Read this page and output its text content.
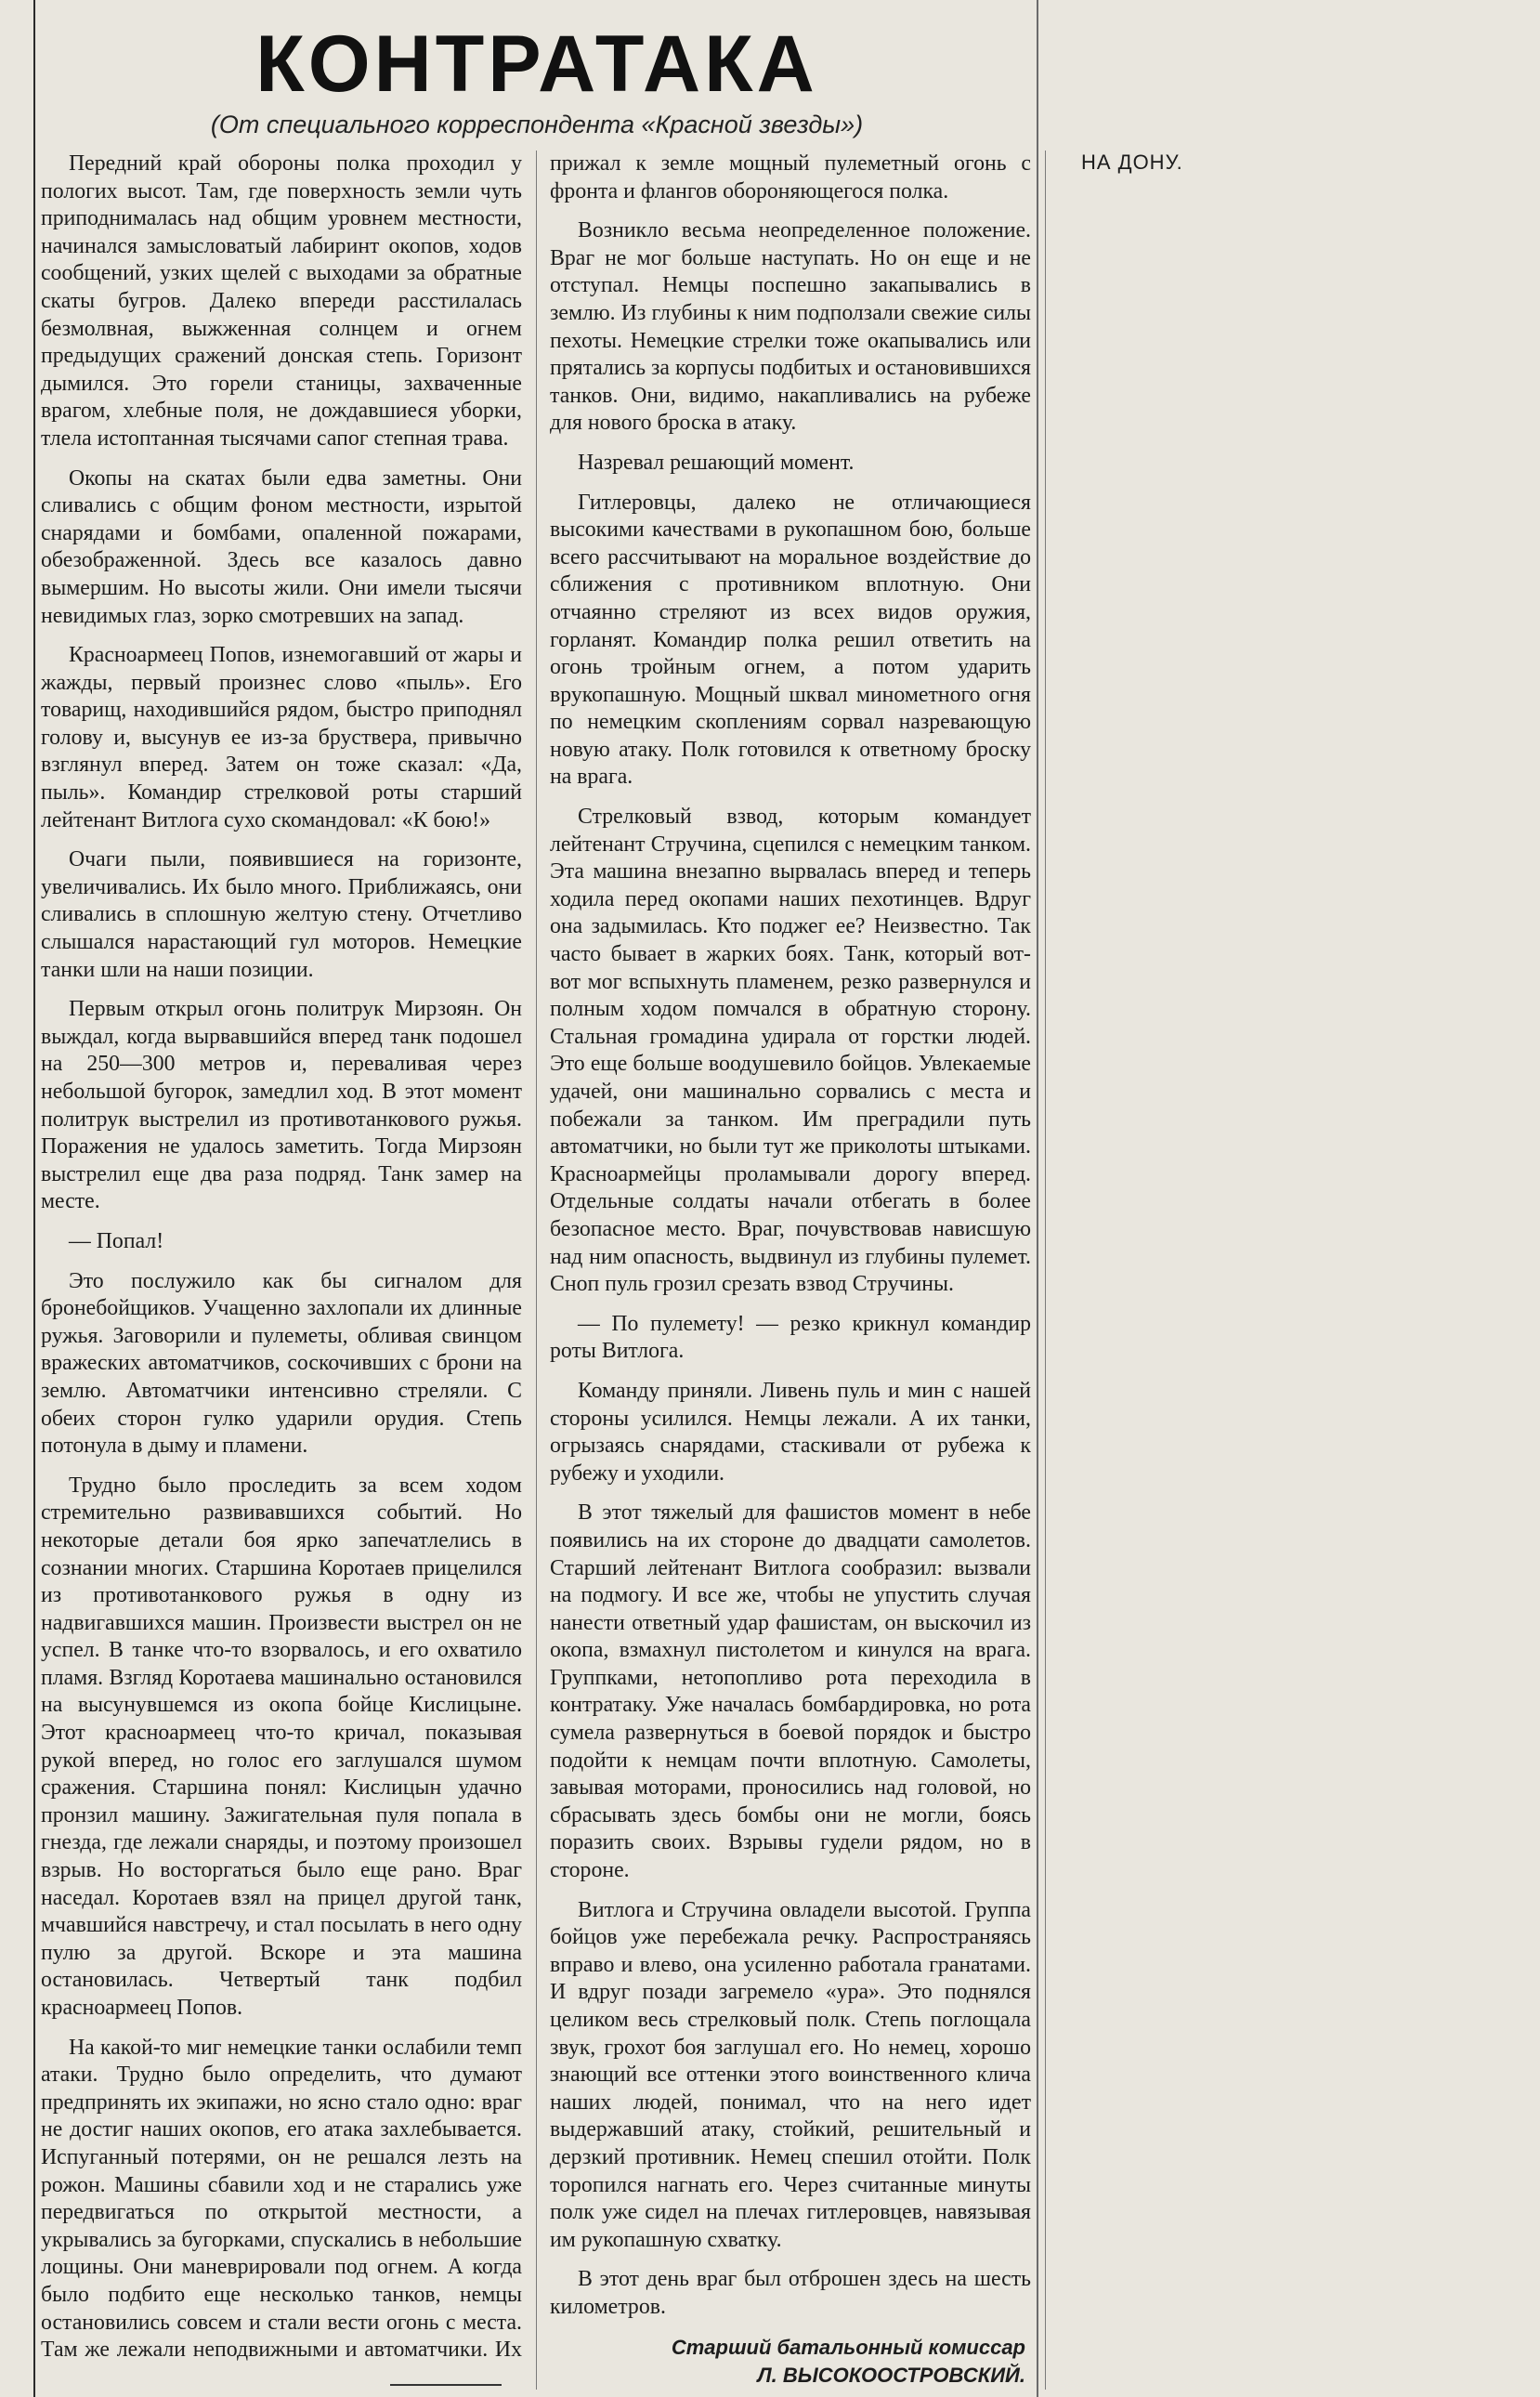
КОНТРАТАКА

(От специального корреспондента «Красной звезды»)

Передний край обороны полка проходил у пологих высот. Там, где поверхность земли чуть приподнималась над общим уровнем местности, начинался замысловатый лабиринт окопов, ходов сообщений, узких щелей с выходами за обратные скаты бугров. Далеко впереди расстилалась безмолвная, выжженная солнцем и огнем предыдущих сражений донская степь. Горизонт дымился. Это горели станицы, захваченные врагом, хлебные поля, не дождавшиеся уборки, тлела истоптанная тысячами сапог степная трава.

Окопы на скатах были едва заметны. Они сливались с общим фоном местности, изрытой снарядами и бомбами, опаленной пожарами, обезображенной. Здесь все казалось давно вымершим. Но высоты жили. Они имели тысячи невидимых глаз, зорко смотревших на запад.

Красноармеец Попов, изнемогавший от жары и жажды, первый произнес слово «пыль». Его товарищ, находившийся рядом, быстро приподнял голову и, высунув ее из-за бруствера, привычно взглянул вперед. Затем он тоже сказал: «Да, пыль». Командир стрелковой роты старший лейтенант Витлога сухо скомандовал: «К бою!»

Очаги пыли, появившиеся на горизонте, увеличивались. Их было много. Приближаясь, они сливались в сплошную желтую стену. Отчетливо слышался нарастающий гул моторов. Немецкие танки шли на наши позиции.

Первым открыл огонь политрук Мирзоян. Он выждал, когда вырвавшийся вперед танк подошел на 250—300 метров и, переваливая через небольшой бугорок, замедлил ход. В этот момент политрук выстрелил из противотанкового ружья. Поражения не удалось заметить. Тогда Мирзоян выстрелил еще два раза подряд. Танк замер на месте.

— Попал!

Это послужило как бы сигналом для бронебойщиков. Учащенно захлопали их длинные ружья. Заговорили и пулеметы, обливая свинцом вражеских автоматчиков, соскочивших с брони на землю. Автоматчики интенсивно стреляли. С обеих сторон гулко ударили орудия. Степь потонула в дыму и пламени.

Трудно было проследить за всем ходом стремительно развивавшихся событий. Но некоторые детали боя ярко запечатлелись в сознании многих. Старшина Коротаев прицелился из противотанкового ружья в одну из надвигавшихся машин. Произвести выстрел он не успел. В танке что-то взорвалось, и его охватило пламя. Взгляд Коротаева машинально остановился на высунувшемся из окопа бойце Кислицыне. Этот красноармеец что-то кричал, показывая рукой вперед, но голос его заглушался шумом сражения. Старшина понял: Кислицын удачно пронзил машину. Зажигательная пуля попала в гнезда, где лежали снаряды, и поэтому произошел взрыв. Но восторгаться было еще рано. Враг наседал. Коротаев взял на прицел другой танк, мчавшийся навстречу, и стал посылать в него одну пулю за другой. Вскоре и эта машина остановилась. Четвертый танк подбил красноармеец Попов.

На какой-то миг немецкие танки ослабили темп атаки. Трудно было определить, что думают предпринять их экипажи, но ясно стало одно: враг не достиг наших окопов, его атака захлебывается. Испуганный потерями, он не решался лезть на рожон. Машины сбавили ход и не старались уже передвигаться по открытой местности, а укрывались за бугорками, спускались в небольшие лощины. Они маневрировали под огнем. А когда было подбито еще несколько танков, немцы остановились совсем и стали вести огонь с места. Там же лежали неподвижными и автоматчики. Их прижал к земле мощный пулеметный огонь с фронта и флангов обороняющегося полка.

Возникло весьма неопределенное положение. Враг не мог больше наступать. Но он еще и не отступал. Немцы поспешно закапывались в землю. Из глубины к ним подползали свежие силы пехоты. Немецкие стрелки тоже окапывались или прятались за корпусы подбитых и остановившихся танков. Они, видимо, накапливались на рубеже для нового броска в атаку.

Назревал решающий момент.

Гитлеровцы, далеко не отличающиеся высокими качествами в рукопашном бою, больше всего рассчитывают на моральное воздействие до сближения с противником вплотную. Они отчаянно стреляют из всех видов оружия, горланят. Командир полка решил ответить на огонь тройным огнем, а потом ударить врукопашную. Мощный шквал минометного огня по немецким скоплениям сорвал назревающую новую атаку. Полк готовился к ответному броску на врага.

Стрелковый взвод, которым командует лейтенант Стручина, сцепился с немецким танком. Эта машина внезапно вырвалась вперед и теперь ходила перед окопами наших пехотинцев. Вдруг она задымилась. Кто поджег ее? Неизвестно. Так часто бывает в жарких боях. Танк, который вот-вот мог вспыхнуть пламенем, резко развернулся и полным ходом помчался в обратную сторону. Стальная громадина удирала от горстки людей. Это еще больше воодушевило бойцов. Увлекаемые удачей, они машинально сорвались с места и побежали за танком. Им преградили путь автоматчики, но были тут же приколоты штыками. Красноармейцы проламывали дорогу вперед. Отдельные солдаты начали отбегать в более безопасное место. Враг, почувствовав нависшую над ним опасность, выдвинул из глубины пулемет. Сноп пуль грозил срезать взвод Стручины.

— По пулемету! — резко крикнул командир роты Витлога.

Команду приняли. Ливень пуль и мин с нашей стороны усилился. Немцы лежали. А их танки, огрызаясь снарядами, стаскивали от рубежа к рубежу и уходили.

В этот тяжелый для фашистов момент в небе появились на их стороне до двадцати самолетов. Старший лейтенант Витлога сообразил: вызвали на подмогу. И все же, чтобы не упустить случая нанести ответный удар фашистам, он выскочил из окопа, взмахнул пистолетом и кинулся на врага. Группками, нетопопливо рота переходила в контратаку. Уже началась бомбардировка, но рота сумела развернуться в боевой порядок и быстро подойти к немцам почти вплотную. Самолеты, завывая моторами, проносились над головой, но сбрасывать здесь бомбы они не могли, боясь поразить своих. Взрывы гудели рядом, но в стороне.

Витлога и Стручина овладели высотой. Группа бойцов уже перебежала речку. Распространяясь вправо и влево, она усиленно работала гранатами. И вдруг позади загремело «ура». Это поднялся целиком весь стрелковый полк. Степь поглощала звук, грохот боя заглушал его. Но немец, хорошо знающий все оттенки этого воинственного клича наших людей, понимал, что на него идет выдержавший атаку, стойкий, решительный и дерзкий противник. Немец спешил отойти. Полк торопился нагнать его. Через считанные минуты полк уже сидел на плечах гитлеровцев, навязывая им рукопашную схватку.

В этот день враг был отброшен здесь на шесть километров.

Старший батальонный комиссар
Л. ВЫСОКООСТРОВСКИЙ.
НА ДОНУ.
